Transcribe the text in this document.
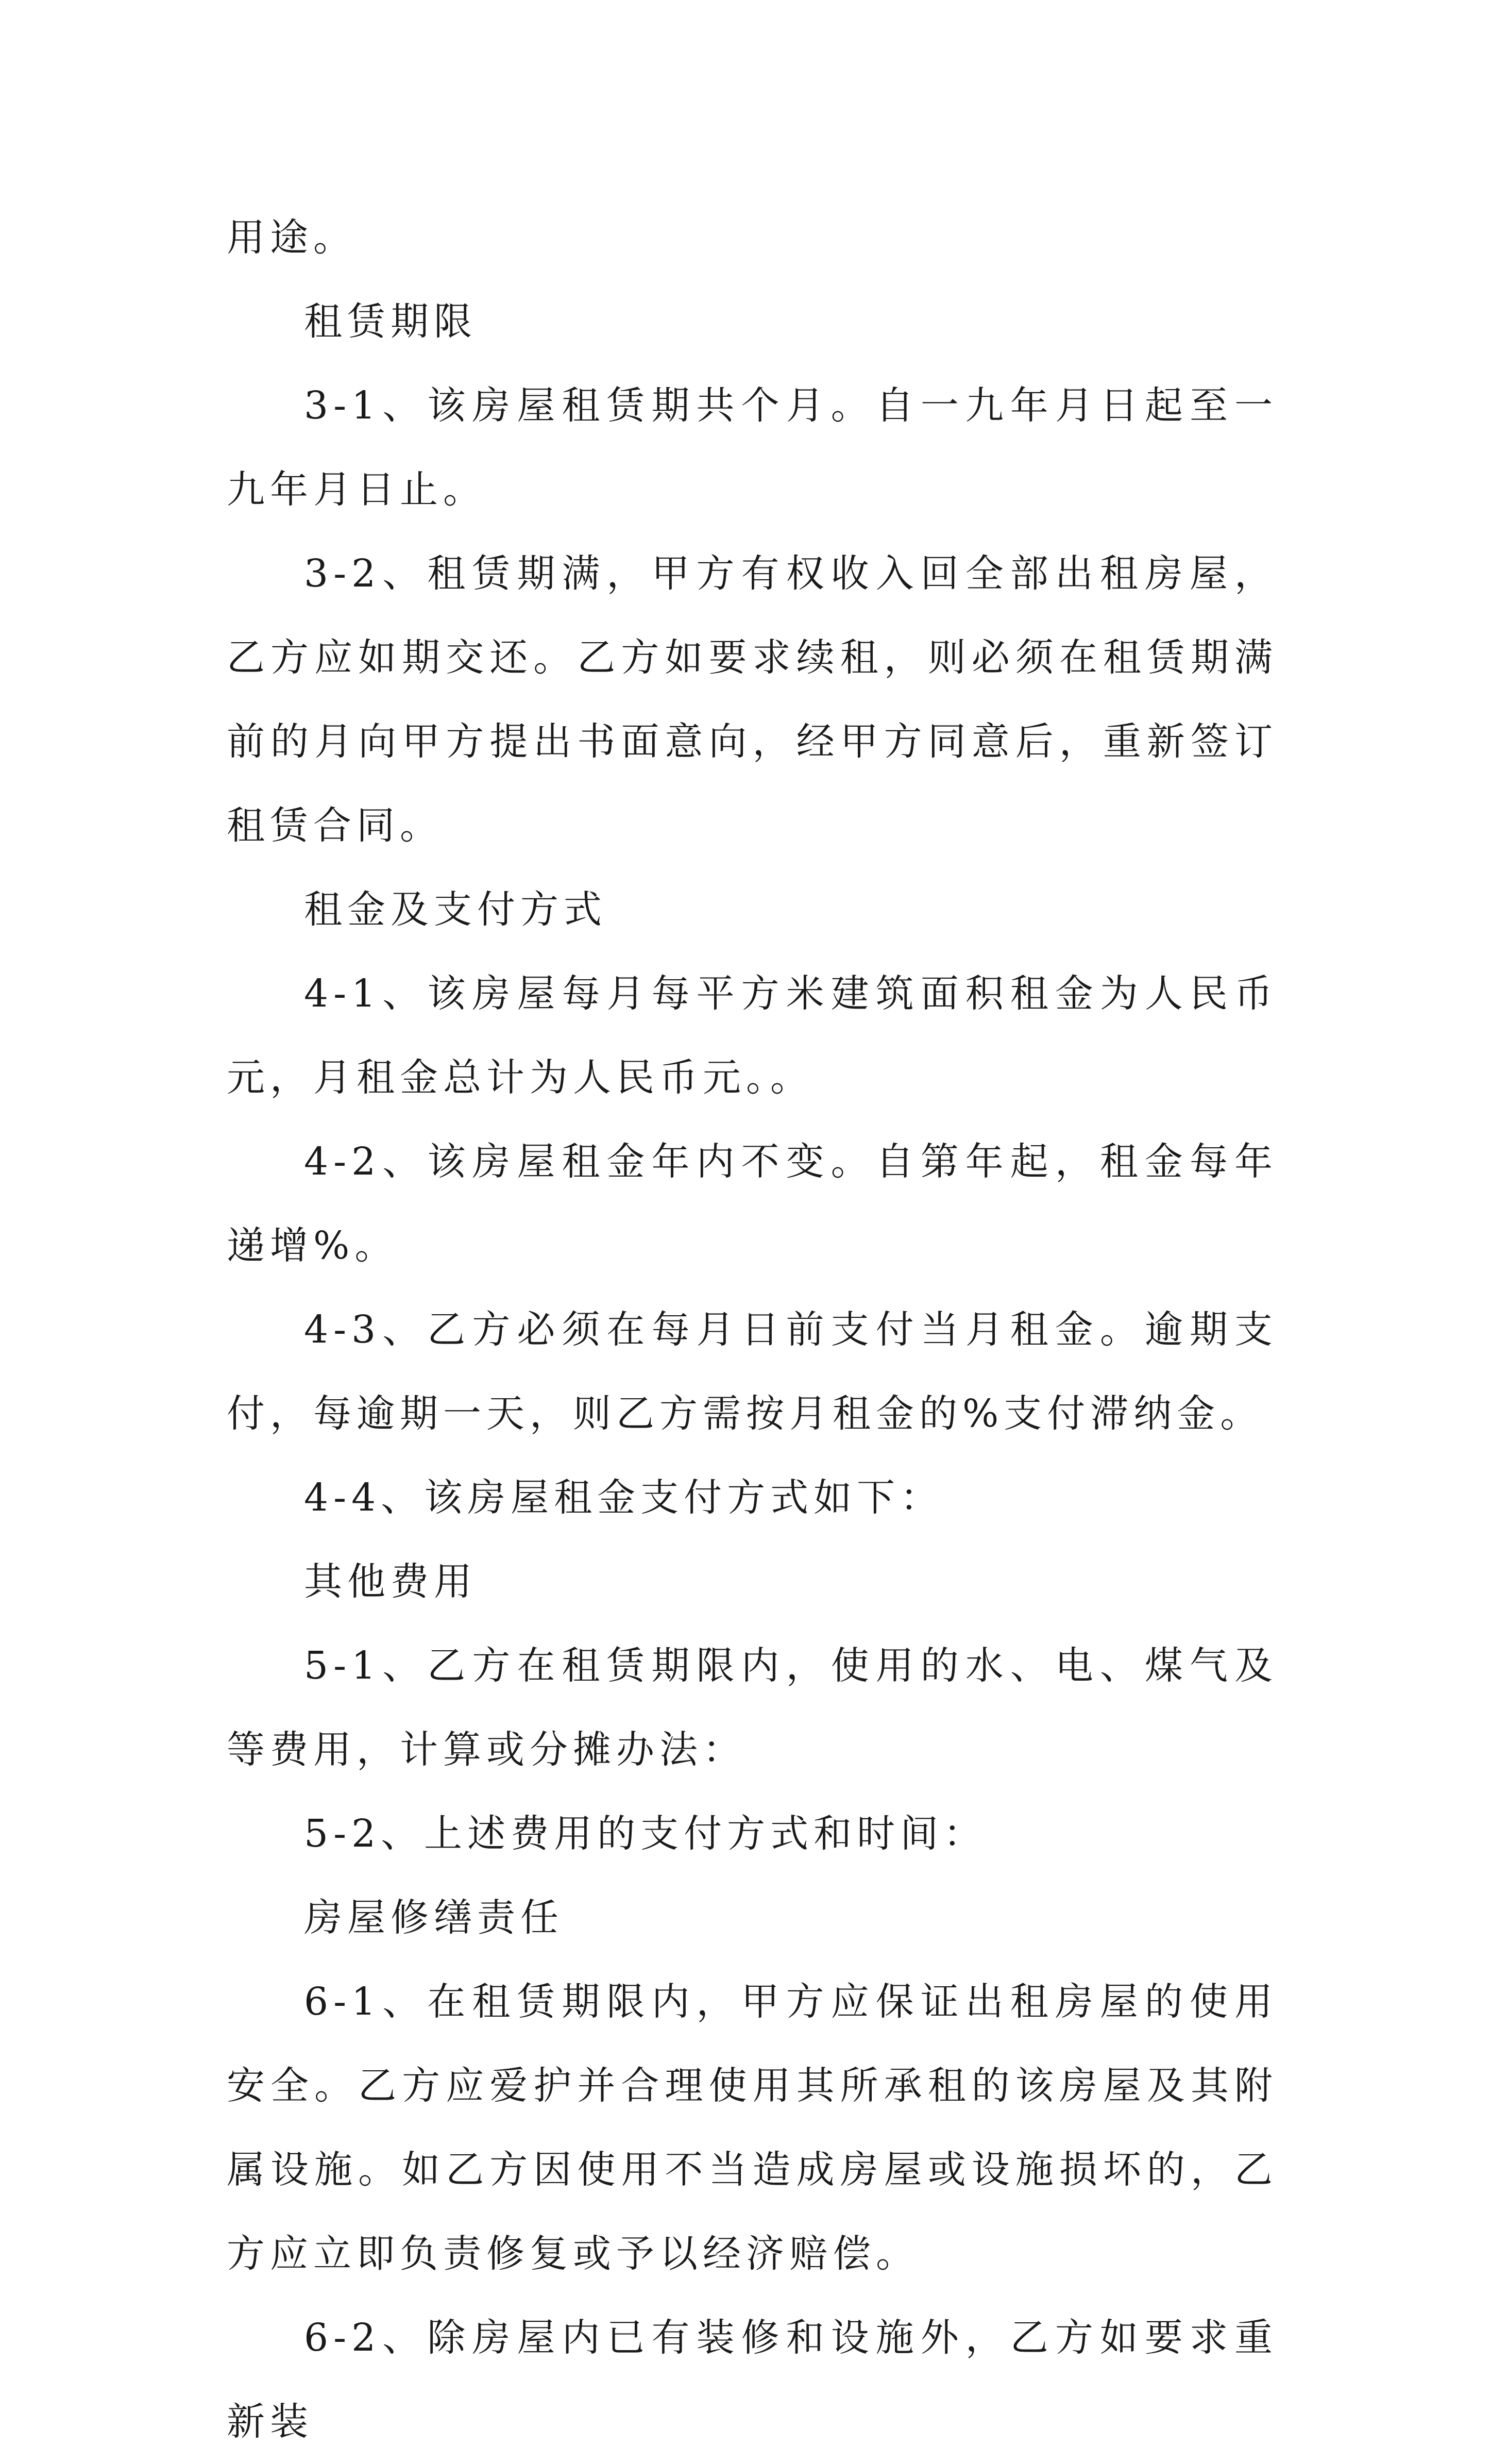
用途。

租赁期限

3-1、该房屋租赁期共个月。自一九年月日起至一九年月日止。

3-2、租赁期满，甲方有权收入回全部出租房屋，乙方应如期交还。乙方如要求续租，则必须在租赁期满前的月向甲方提出书面意向，经甲方同意后，重新签订租赁合同。

租金及支付方式

4-1、该房屋每月每平方米建筑面积租金为人民币元，月租金总计为人民币元。。

4-2、该房屋租金年内不变。自第年起，租金每年递增%。

4-3、乙方必须在每月日前支付当月租金。逾期支付，每逾期一天，则乙方需按月租金的%支付滞纳金。

4-4、该房屋租金支付方式如下：

其他费用

5-1、乙方在租赁期限内，使用的水、电、煤气及等费用，计算或分摊办法：

5-2、上述费用的支付方式和时间：

房屋修缮责任

6-1、在租赁期限内，甲方应保证出租房屋的使用安全。乙方应爱护并合理使用其所承租的该房屋及其附属设施。如乙方因使用不当造成房屋或设施损坏的，乙方应立即负责修复或予以经济赔偿。

6-2、除房屋内已有装修和设施外，乙方如要求重新装
